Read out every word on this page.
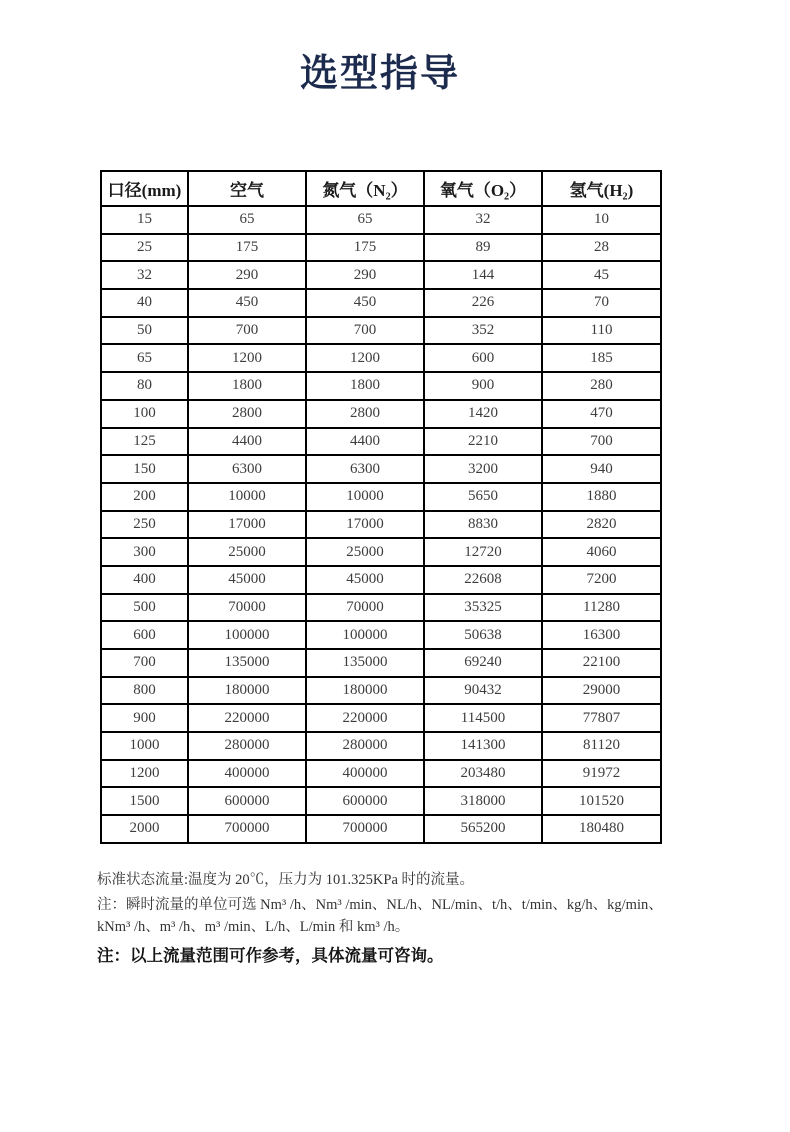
选型指导
口径(mm)	空气	氮气（N₂）	氧气（O₂）	氢气(H₂)
15	65	65	32	10
25	175	175	89	28
32	290	290	144	45
40	450	450	226	70
50	700	700	352	110
65	1200	1200	600	185
80	1800	1800	900	280
100	2800	2800	1420	470
125	4400	4400	2210	700
150	6300	6300	3200	940
200	10000	10000	5650	1880
250	17000	17000	8830	2820
300	25000	25000	12720	4060
400	45000	45000	22608	7200
500	70000	70000	35325	11280
600	100000	100000	50638	16300
700	135000	135000	69240	22100
800	180000	180000	90432	29000
900	220000	220000	114500	77807
1000	280000	280000	141300	81120
1200	400000	400000	203480	91972
1500	600000	600000	318000	101520
2000	700000	700000	565200	180480

标准状态流量:温度为 20℃，压力为 101.325KPa 时的流量。

注：瞬时流量的单位可选 Nm³ /h、Nm³ /min、NL/h、NL/min、t/h、t/min、kg/h、kg/min、

kNm³ /h、m³ /h、m³ /min、L/h、L/min 和 km³ /h。

注：以上流量范围可作参考，具体流量可咨询。
